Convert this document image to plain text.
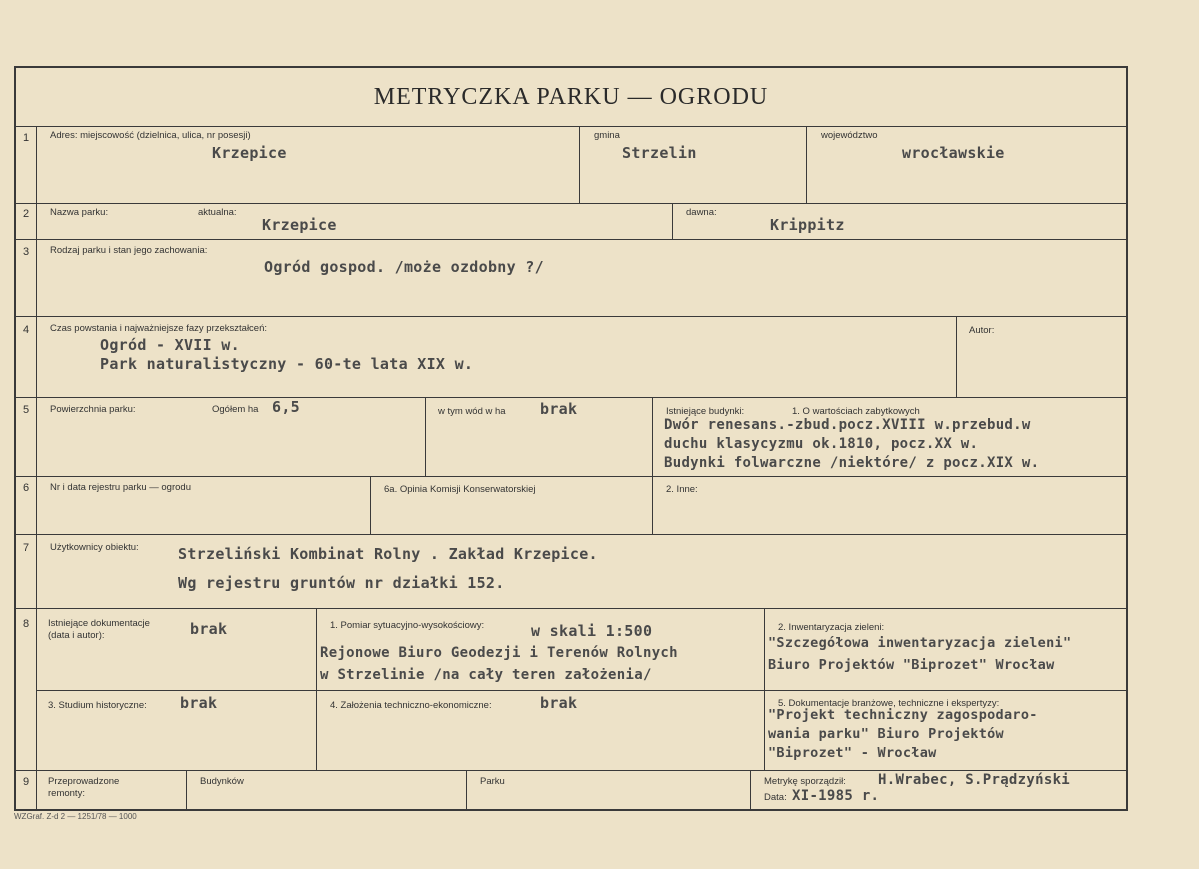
METRYCZKA PARKU — OGRODU
1	Adres: miejscowość (dzielnica, ulica, nr posesji)
Krzepice
gmina
Strzelin
województwo
wrocławskie
2	Nazwa parku:	aktualna:
Krzepice
dawna:
Krippitz
3	Rodzaj parku i stan jego zachowania:
Ogród gospod. /może ozdobny ?/
4	Czas powstania i najważniejsze fazy przekształceń:
Ogród - XVII w.
Park naturalistyczny - 60-te lata XIX w.
Autor:
5	Powierzchnia parku:	Ogółem ha 6,5	w tym wód w ha brak	Istniejące budynki:	1. O wartościach zabytkowych
Dwór renesans.-zbud.pocz.XVIII w.przebud.w
duchu klasycyzmu ok.1810, pocz.XX w.
Budynki folwarczne /niektóre/ z pocz.XIX w.
6	Nr i data rejestru parku — ogrodu	6a. Opinia Komisji Konserwatorskiej	2. Inne:
7	Użytkownicy obiektu:	Strzeliński Kombinat Rolny . Zakład Krzepice.
Wg rejestru gruntów nr działki 152.
8	Istniejące dokumentacje
(data i autor):	brak	1. Pomiar sytuacyjno-wysokościowy:	w skali 1:500
Rejonowe Biuro Geodezji i Terenów Rolnych
w Strzelinie /na cały teren założenia/
2. Inwentaryzacja zieleni:
"Szczegółowa inwentaryzacja zieleni"
Biuro Projektów "Biprozet" Wrocław
3. Studium historyczne: brak	4. Założenia techniczno-ekonomiczne:	brak	5. Dokumentacje branżowe, techniczne i ekspertyzy:
"Projekt techniczny zagospodaro-
wania parku" Biuro Projektów
"Biprozet" - Wrocław
9	Przeprowadzone
remonty:
Budynków	Parku	Metrykę sporządził: H.Wrabec, S.Prądzyński
Data: XI-1985 r.
WZGraf. Z-d 2 — 1251/78 — 1000
